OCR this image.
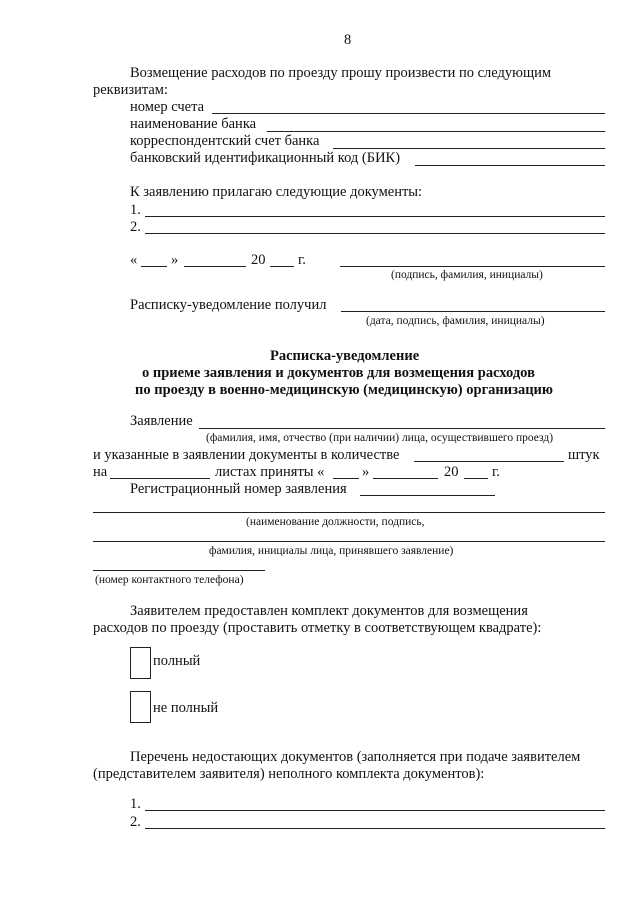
8
Возмещение расходов по проезду прошу произвести по следующим
реквизитам:
номер счета
наименование банка
корреспондентский счет банка
банковский идентификационный код (БИК)
К заявлению прилагаю следующие документы:
1.
2.
« »	20 г.
(подпись, фамилия, инициалы)
Расписку-уведомление получил
(дата, подпись, фамилия, инициалы)
Расписка-уведомление
о приеме заявления и документов для возмещения расходов
по проезду в военно-медицинскую (медицинскую) организацию
Заявление
(фамилия, имя, отчество (при наличии) лица, осуществившего проезд)
и указанные в заявлении документы в количестве	штук
на	листах приняты «	»	20 г.
Регистрационный номер заявления
(наименование должности, подпись,
фамилия, инициалы лица, принявшего заявление)
(номер контактного телефона)
Заявителем предоставлен комплект документов для возмещения
расходов по проезду (проставить отметку в соответствующем квадрате):
полный
не полный
Перечень недостающих документов (заполняется при подаче заявителем
(представителем заявителя) неполного комплекта документов):
1.
2.
